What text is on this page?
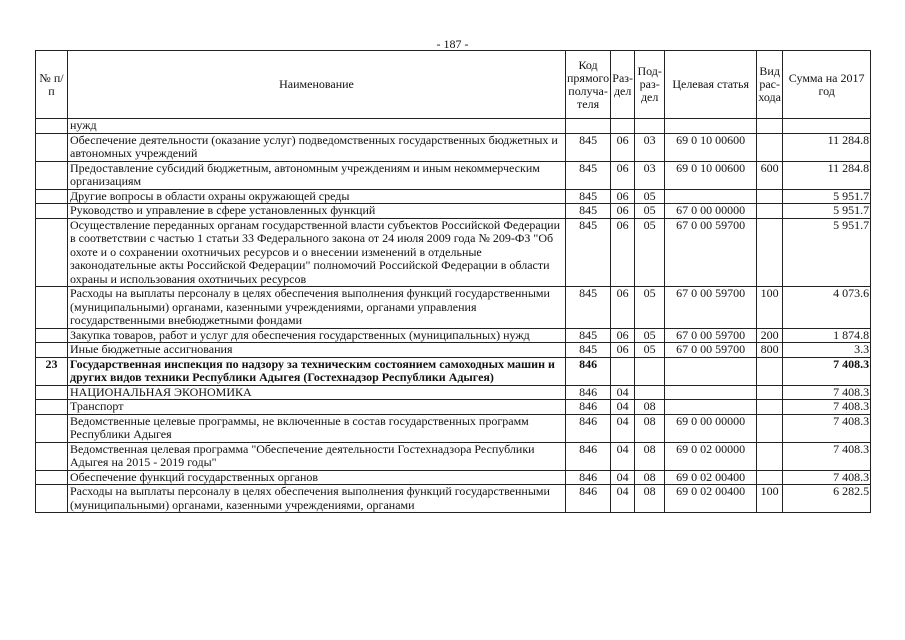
- 187 -
№ п/п	Наименование	Код прямого получа-теля	Раз-дел	Под-раз-дел	Целевая статья	Вид рас-хода	Сумма на 2017 год
	нужд						
	Обеспечение деятельности (оказание услуг) подведомственных государственных бюджетных и автономных учреждений	845	06	03	69 0 10 00600		11 284.8
	Предоставление субсидий бюджетным, автономным учреждениям и иным некоммерческим организациям	845	06	03	69 0 10 00600	600	11 284.8
	Другие вопросы в области охраны окружающей среды	845	06	05			5 951.7
	Руководство и управление в сфере установленных функций	845	06	05	67 0 00 00000		5 951.7
	Осуществление переданных органам государственной власти субъектов Российской Федерации в соответствии с частью 1 статьи 33 Федерального закона от 24 июля 2009 года № 209-ФЗ "Об охоте и о сохранении охотничьих ресурсов и о внесении изменений в отдельные законодательные акты Российской Федерации" полномочий Российской Федерации в области охраны и использования охотничьих ресурсов	845	06	05	67 0 00 59700		5 951.7
	Расходы на выплаты персоналу в целях обеспечения выполнения функций государственными (муниципальными) органами, казенными учреждениями, органами управления государственными внебюджетными фондами	845	06	05	67 0 00 59700	100	4 073.6
	Закупка товаров, работ и услуг для обеспечения государственных (муниципальных) нужд	845	06	05	67 0 00 59700	200	1 874.8
	Иные бюджетные ассигнования	845	06	05	67 0 00 59700	800	3.3
23	Государственная инспекция по надзору за техническим состоянием самоходных машин и других видов техники Республики Адыгея (Гостехнадзор Республики Адыгея)	846					7 408.3
	НАЦИОНАЛЬНАЯ ЭКОНОМИКА	846	04				7 408.3
	Транспорт	846	04	08			7 408.3
	Ведомственные целевые программы, не включенные в состав государственных программ Республики Адыгея	846	04	08	69 0 00 00000		7 408.3
	Ведомственная целевая программа "Обеспечение деятельности Гостехнадзора Республики Адыгея на 2015 - 2019 годы"	846	04	08	69 0 02 00000		7 408.3
	Обеспечение функций государственных органов	846	04	08	69 0 02 00400		7 408.3
	Расходы на выплаты персоналу в целях обеспечения выполнения функций государственными (муниципальными) органами, казенными учреждениями, органами	846	04	08	69 0 02 00400	100	6 282.5
